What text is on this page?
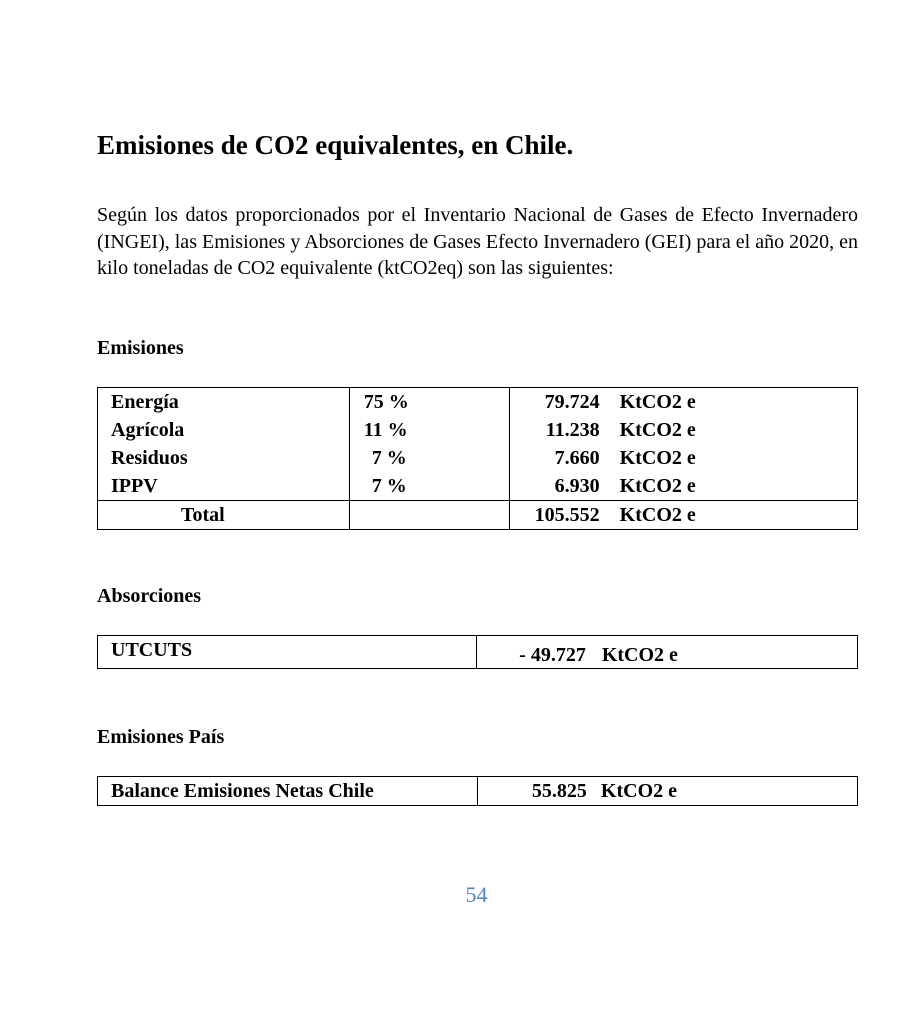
Emisiones de CO2 equivalentes, en Chile.

Según los datos proporcionados por el Inventario Nacional de Gases de Efecto Invernadero (INGEI), las Emisiones y Absorciones de Gases Efecto Invernadero (GEI) para el año 2020, en kilo toneladas de CO2 equivalente (ktCO2eq) son las siguientes:

Emisiones
Energía	75 %	79.724 KtCO2 e

Agrícola	11 %	11.238 KtCO2 e

Residuos	7 %	7.660 KtCO2 e

IPPV	7 %	6.930 KtCO2 e

Total		105.552 KtCO2 e
Absorciones
UTCUTS	- 49.727 KtCO2 e
Emisiones País
Balance Emisiones Netas Chile	55.825 KtCO2 e

54
